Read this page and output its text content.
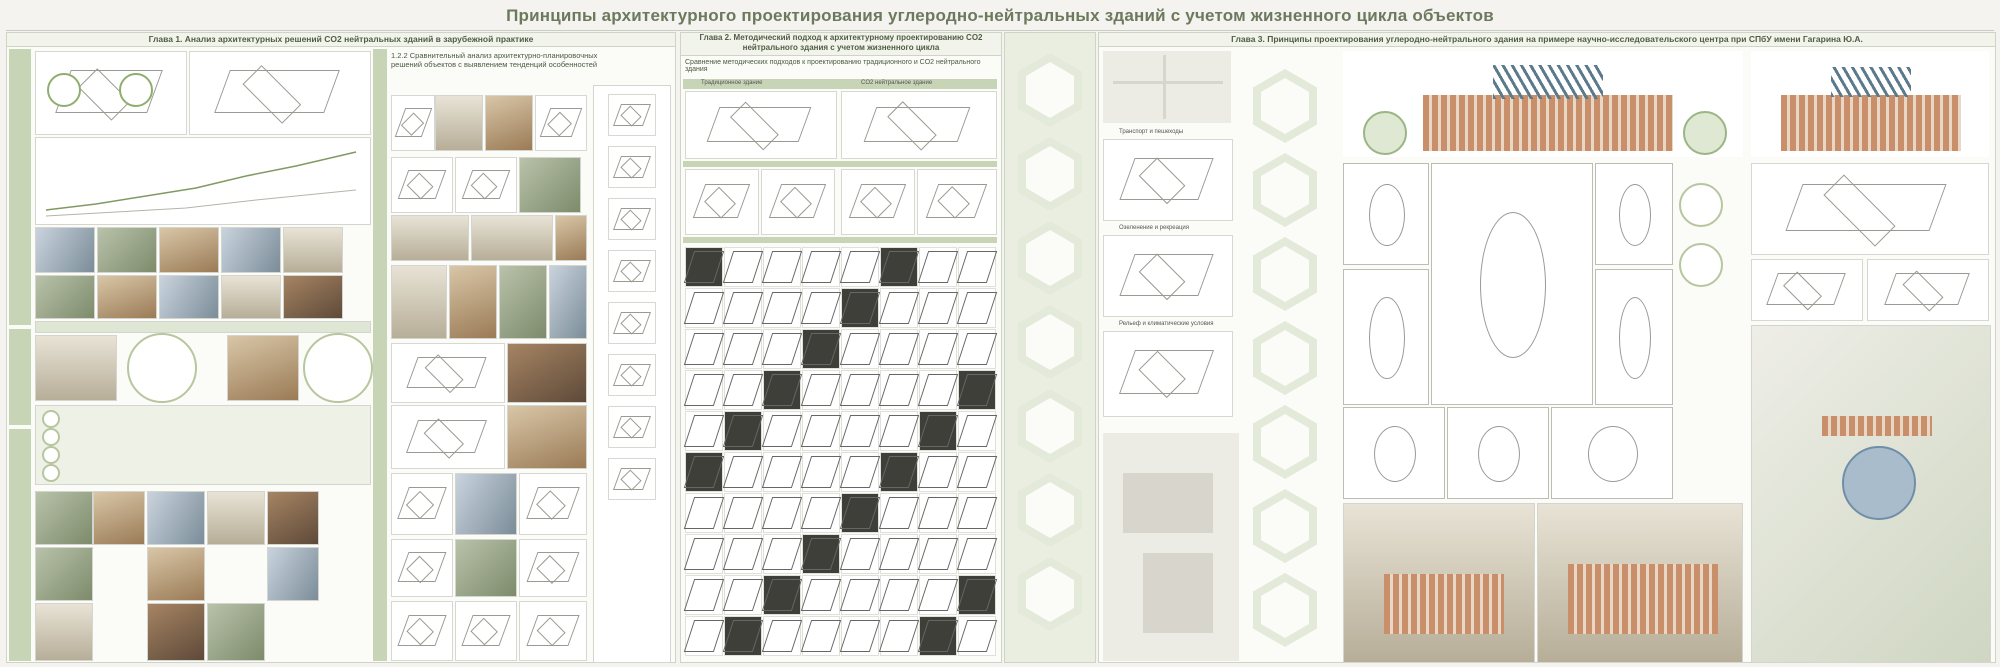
Принципы архитектурного проектирования углеродно-нейтральных зданий с учетом жизненного цикла объектов
Глава 1. Анализ архитектурных решений CO2 нейтральных зданий в зарубежной практике
1.2.2 Сравнительный анализ архитектурно-планировочных решений объектов с выявлением тенденций особенностей
Глава 2. Методический подход к архитектурному проектированию CO2 нейтрального здания с учетом жизненного цикла
Сравнение методических подходов к проектированию традиционного и CO2 нейтрального здания
Традиционное здание	CO2 нейтральное здание
Глава 3. Принципы проектирования углеродно-нейтрального здания на примере научно-исследовательского центра при СПбУ имени Гагарина Ю.А.
Транспорт и пешеходы
Озеленение и рекреация
Рельеф и климатические условия
